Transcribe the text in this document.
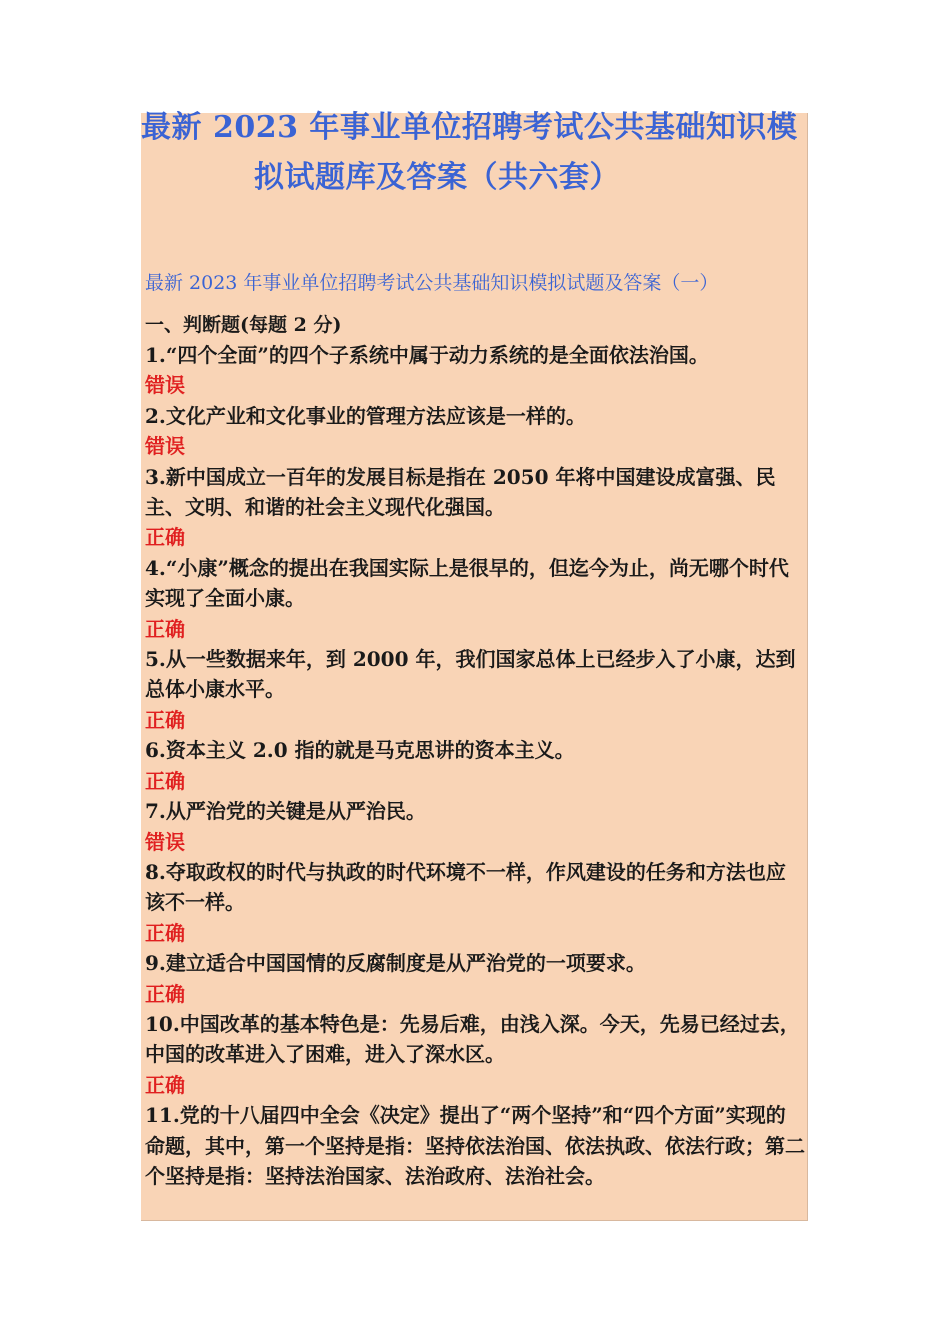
最新 2023 年事业单位招聘考试公共基础知识模
拟试题库及答案（共六套）
最新 2023 年事业单位招聘考试公共基础知识模拟试题及答案（一）
一、判断题(每题 2 分)
1.“四个全面”的四个子系统中属于动力系统的是全面依法治国。
错误
2.文化产业和文化事业的管理方法应该是一样的。
错误
3.新中国成立一百年的发展目标是指在 2050 年将中国建设成富强、民主、文明、和谐的社会主义现代化强国。
正确
4.“小康”概念的提出在我国实际上是很早的，但迄今为止，尚无哪个时代实现了全面小康。
正确
5.从一些数据来年，到 2000 年，我们国家总体上已经步入了小康，达到总体小康水平。
正确
6.资本主义 2.0 指的就是马克思讲的资本主义。
正确
7.从严治党的关键是从严治民。
错误
8.夺取政权的时代与执政的时代环境不一样，作风建设的任务和方法也应该不一样。
正确
9.建立适合中国国情的反腐制度是从严治党的一项要求。
正确
10.中国改革的基本特色是：先易后难，由浅入深。今天，先易已经过去，中国的改革进入了困难，进入了深水区。
正确
11.党的十八届四中全会《决定》提出了“两个坚持”和“四个方面”实现的命题，其中，第一个坚持是指：坚持依法治国、依法执政、依法行政；第二个坚持是指：坚持法治国家、法治政府、法治社会。
